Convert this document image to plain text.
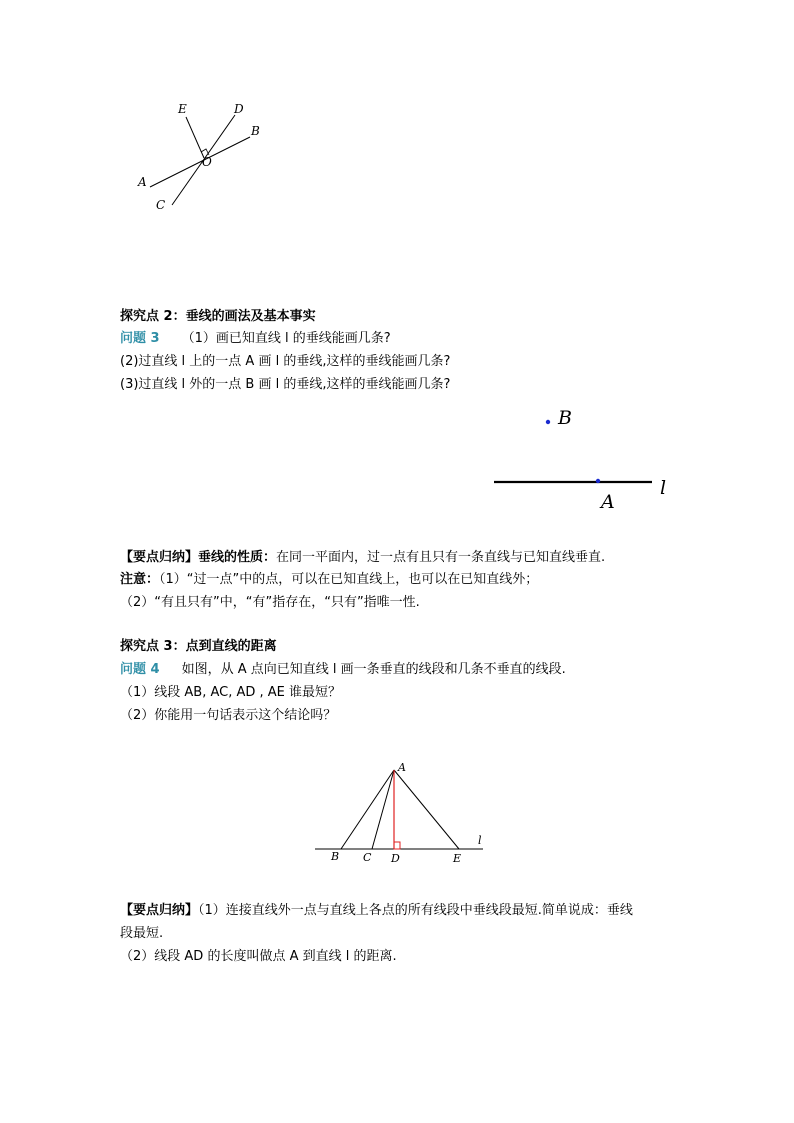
E	D
B
O
A
C
探究点 2：垂线的画法及基本事实
问题 3 （1）画已知直线 l 的垂线能画几条?
(2)过直线 l 上的一点 A 画 l 的垂线,这样的垂线能画几条?
(3)过直线 l 外的一点 B 画 l 的垂线,这样的垂线能画几条?
B
A
l
【要点归纳】垂线的性质：在同一平面内，过一点有且只有一条直线与已知直线垂直.
注意：（1）“过一点”中的点，可以在已知直线上，也可以在已知直线外；
（2）“有且只有”中，“有”指存在，“只有”指唯一性.
探究点 3：点到直线的距离
问题 4 如图，从 A 点向已知直线 l 画一条垂直的线段和几条不垂直的线段.
（1）线段 AB, AC, AD , AE 谁最短？
（2）你能用一句话表示这个结论吗？
A
B C D	E
l
【要点归纳】（1）连接直线外一点与直线上各点的所有线段中垂线段最短.简单说成：垂线
段最短.
（2）线段 AD 的长度叫做点 A 到直线 l 的距离.
